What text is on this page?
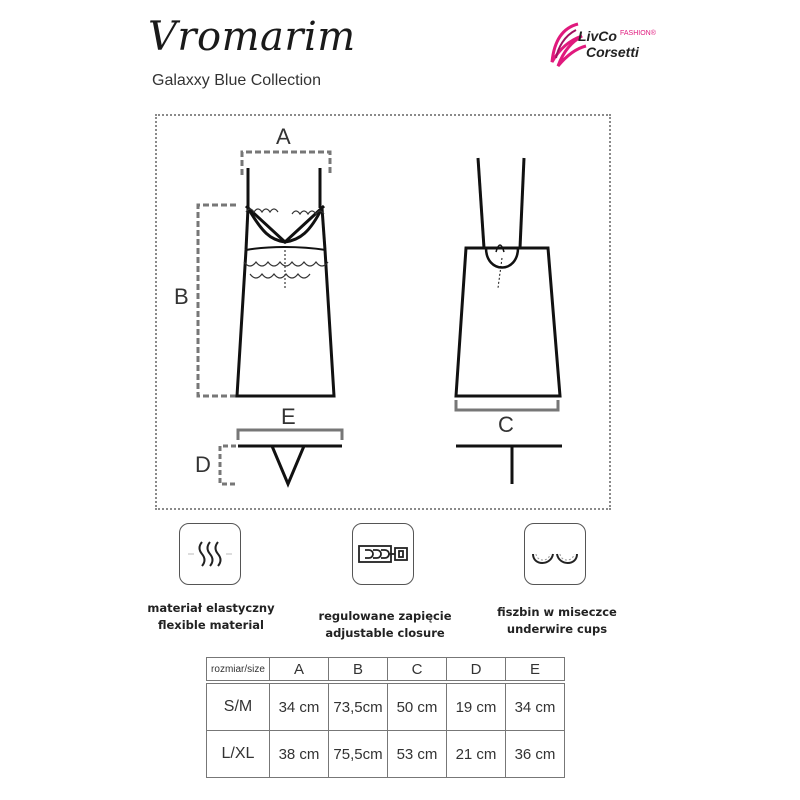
Vromarim
Galaxxy Blue Collection
LivCo FASHION®
Corsetti
A
B
C
D
E
materiał elastyczny
flexible material
regulowane zapięcie
adjustable closure
fiszbin w miseczce
underwire cups
rozmiar/size	A	B	C	D	E

S/M	34 cm	73,5cm	50 cm	19 cm	34 cm
L/XL	38 cm	75,5cm	53 cm	21 cm	36 cm
